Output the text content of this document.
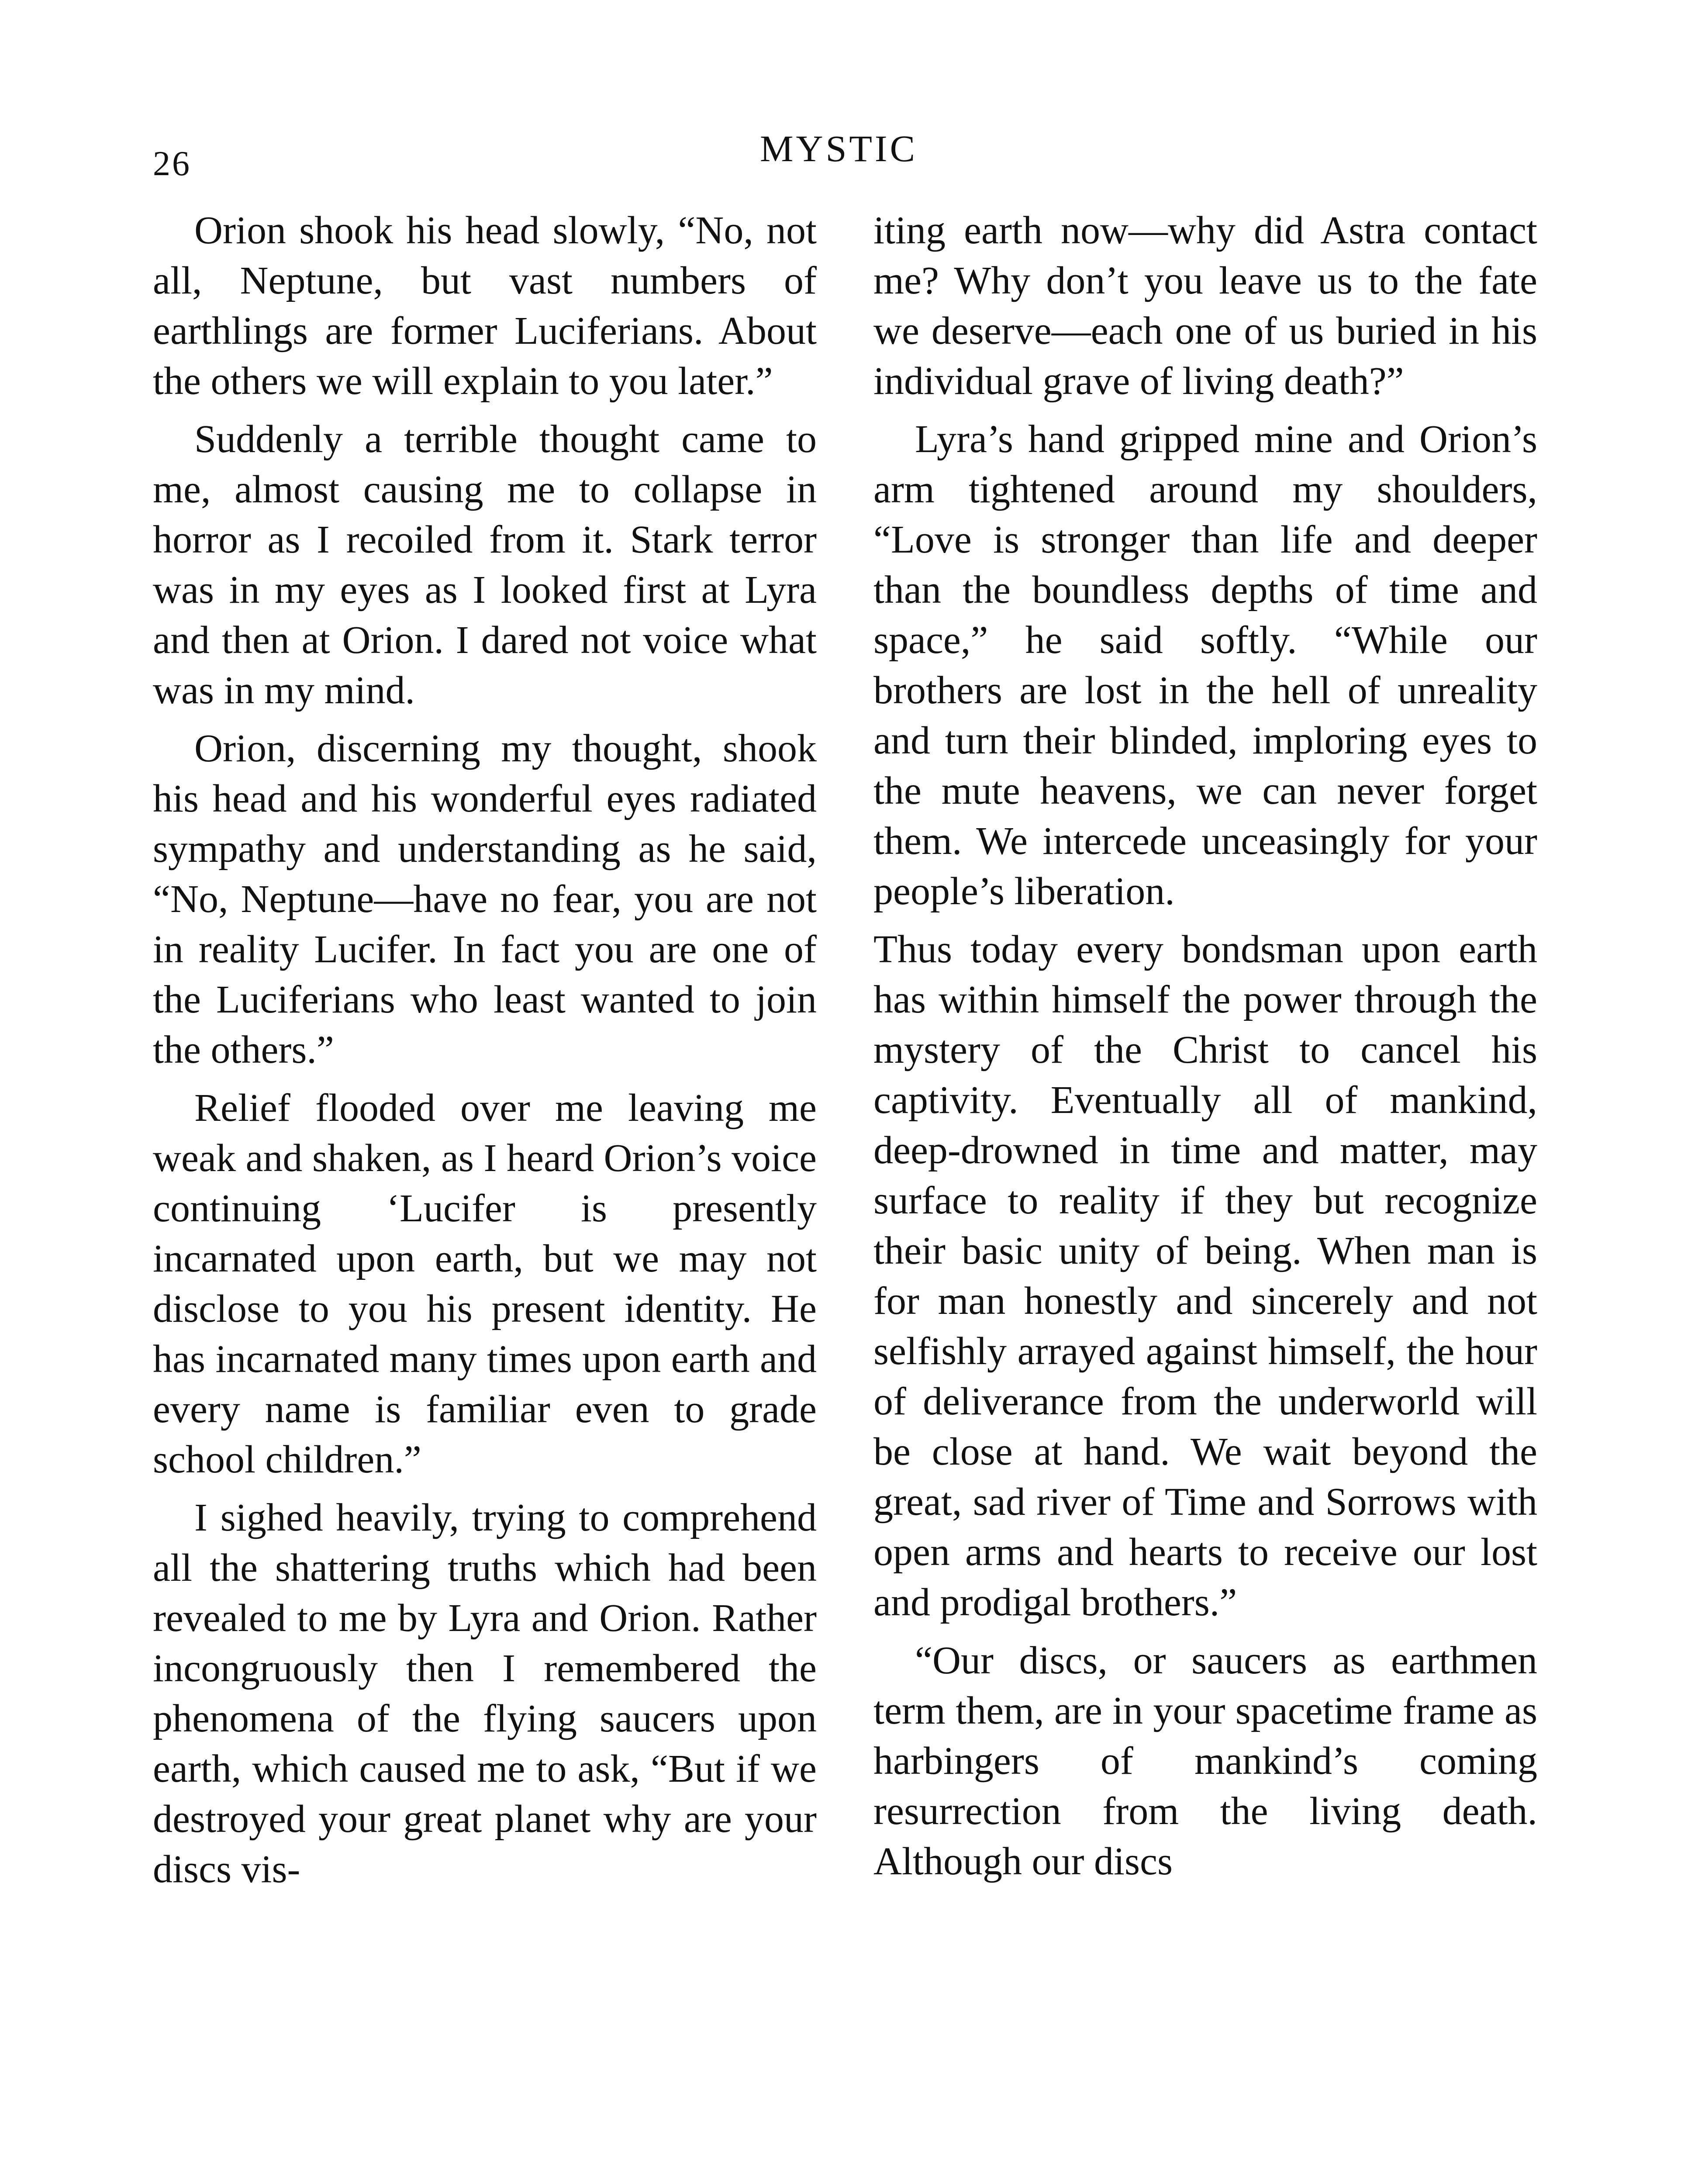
26	MYSTIC

Orion shook his head slowly, “No, not all, Neptune, but vast numbers of earthlings are former Luciferians. About the others we will explain to you later.”

Suddenly a terrible thought came to me, almost causing me to collapse in horror as I recoiled from it. Stark terror was in my eyes as I looked first at Lyra and then at Orion. I dared not voice what was in my mind.

Orion, discerning my thought, shook his head and his wonderful eyes radiated sympathy and understanding as he said, “No, Neptune—have no fear, you are not in reality Lucifer. In fact you are one of the Luciferians who least wanted to join the others.”

Relief flooded over me leaving me weak and shaken, as I heard Orion’s voice continuing ‘Lucifer is presently incarnated upon earth, but we may not disclose to you his present identity. He has incarnated many times upon earth and every name is familiar even to grade school children.”

I sighed heavily, trying to comprehend all the shattering truths which had been revealed to me by Lyra and Orion. Rather incongruously then I remembered the phenomena of the flying saucers upon earth, which caused me to ask, “But if we destroyed your great planet why are your discs vis-

iting earth now—why did Astra contact me? Why don’t you leave us to the fate we deserve—each one of us buried in his individual grave of living death?”

Lyra’s hand gripped mine and Orion’s arm tightened around my shoulders, “Love is stronger than life and deeper than the boundless depths of time and space,” he said softly. “While our brothers are lost in the hell of unreality and turn their blinded, imploring eyes to the mute heavens, we can never forget them. We intercede unceasingly for your people’s liberation.

Thus today every bondsman upon earth has within himself the power through the mystery of the Christ to cancel his captivity. Eventually all of mankind, deep-drowned in time and matter, may surface to reality if they but recognize their basic unity of being. When man is for man honestly and sincerely and not selfishly arrayed against himself, the hour of deliverance from the underworld will be close at hand. We wait beyond the great, sad river of Time and Sorrows with open arms and hearts to receive our lost and prodigal brothers.”

“Our discs, or saucers as earthmen term them, are in your spacetime frame as harbingers of mankind’s coming resurrection from the living death. Although our discs
